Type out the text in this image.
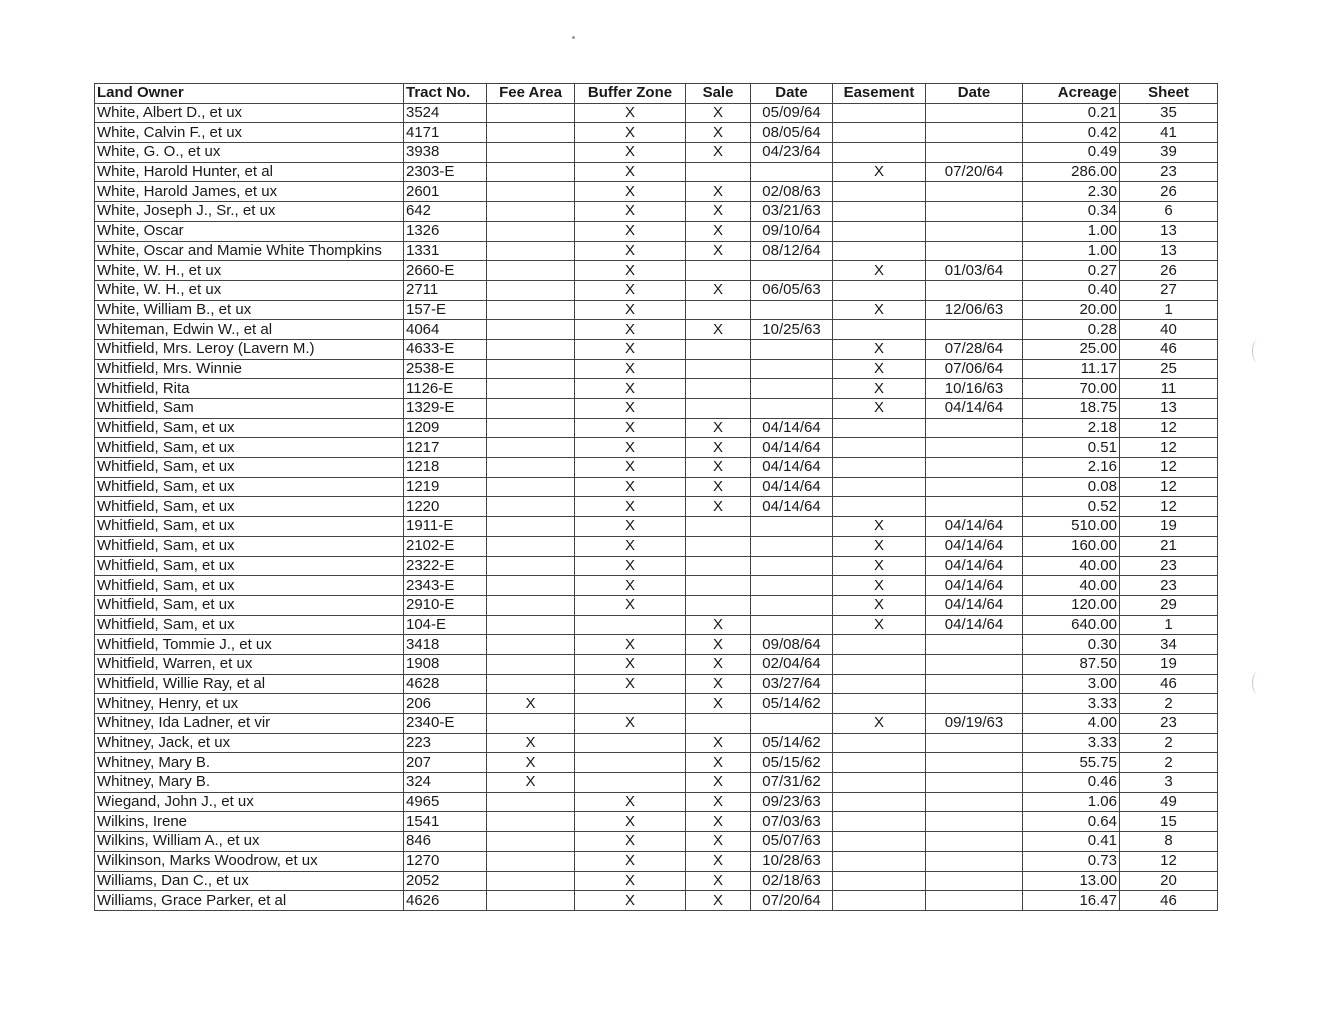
Land Owner	Tract No.	Fee Area	Buffer Zone	Sale	Date	Easement	Date	Acreage	Sheet
White, Albert D., et ux	3524		X	X	05/09/64			0.21	35
White, Calvin F., et ux	4171		X	X	08/05/64			0.42	41
White, G. O., et ux	3938		X	X	04/23/64			0.49	39
White, Harold Hunter, et al	2303-E		X			X	07/20/64	286.00	23
White, Harold James, et ux	2601		X	X	02/08/63			2.30	26
White, Joseph J., Sr., et ux	642		X	X	03/21/63			0.34	6
White, Oscar	1326		X	X	09/10/64			1.00	13
White, Oscar and Mamie White Thompkins	1331		X	X	08/12/64			1.00	13
White, W. H., et ux	2660-E		X			X	01/03/64	0.27	26
White, W. H., et ux	2711		X	X	06/05/63			0.40	27
White, William B., et ux	157-E		X			X	12/06/63	20.00	1
Whiteman, Edwin W., et al	4064		X	X	10/25/63			0.28	40
Whitfield, Mrs. Leroy (Lavern M.)	4633-E		X			X	07/28/64	25.00	46
Whitfield, Mrs. Winnie	2538-E		X			X	07/06/64	11.17	25
Whitfield, Rita	1126-E		X			X	10/16/63	70.00	11
Whitfield, Sam	1329-E		X			X	04/14/64	18.75	13
Whitfield, Sam, et ux	1209		X	X	04/14/64			2.18	12
Whitfield, Sam, et ux	1217		X	X	04/14/64			0.51	12
Whitfield, Sam, et ux	1218		X	X	04/14/64			2.16	12
Whitfield, Sam, et ux	1219		X	X	04/14/64			0.08	12
Whitfield, Sam, et ux	1220		X	X	04/14/64			0.52	12
Whitfield, Sam, et ux	1911-E		X			X	04/14/64	510.00	19
Whitfield, Sam, et ux	2102-E		X			X	04/14/64	160.00	21
Whitfield, Sam, et ux	2322-E		X			X	04/14/64	40.00	23
Whitfield, Sam, et ux	2343-E		X			X	04/14/64	40.00	23
Whitfield, Sam, et ux	2910-E		X			X	04/14/64	120.00	29
Whitfield, Sam, et ux	104-E			X		X	04/14/64	640.00	1
Whitfield, Tommie J., et ux	3418		X	X	09/08/64			0.30	34
Whitfield, Warren, et ux	1908		X	X	02/04/64			87.50	19
Whitfield, Willie Ray, et al	4628		X	X	03/27/64			3.00	46
Whitney, Henry, et ux	206	X		X	05/14/62			3.33	2
Whitney, Ida Ladner, et vir	2340-E		X			X	09/19/63	4.00	23
Whitney, Jack, et ux	223	X		X	05/14/62			3.33	2
Whitney, Mary B.	207	X		X	05/15/62			55.75	2
Whitney, Mary B.	324	X		X	07/31/62			0.46	3
Wiegand, John J., et ux	4965		X	X	09/23/63			1.06	49
Wilkins, Irene	1541		X	X	07/03/63			0.64	15
Wilkins, William A., et ux	846		X	X	05/07/63			0.41	8
Wilkinson, Marks Woodrow, et ux	1270		X	X	10/28/63			0.73	12
Williams, Dan C., et ux	2052		X	X	02/18/63			13.00	20
Williams, Grace Parker, et al	4626		X	X	07/20/64			16.47	46
